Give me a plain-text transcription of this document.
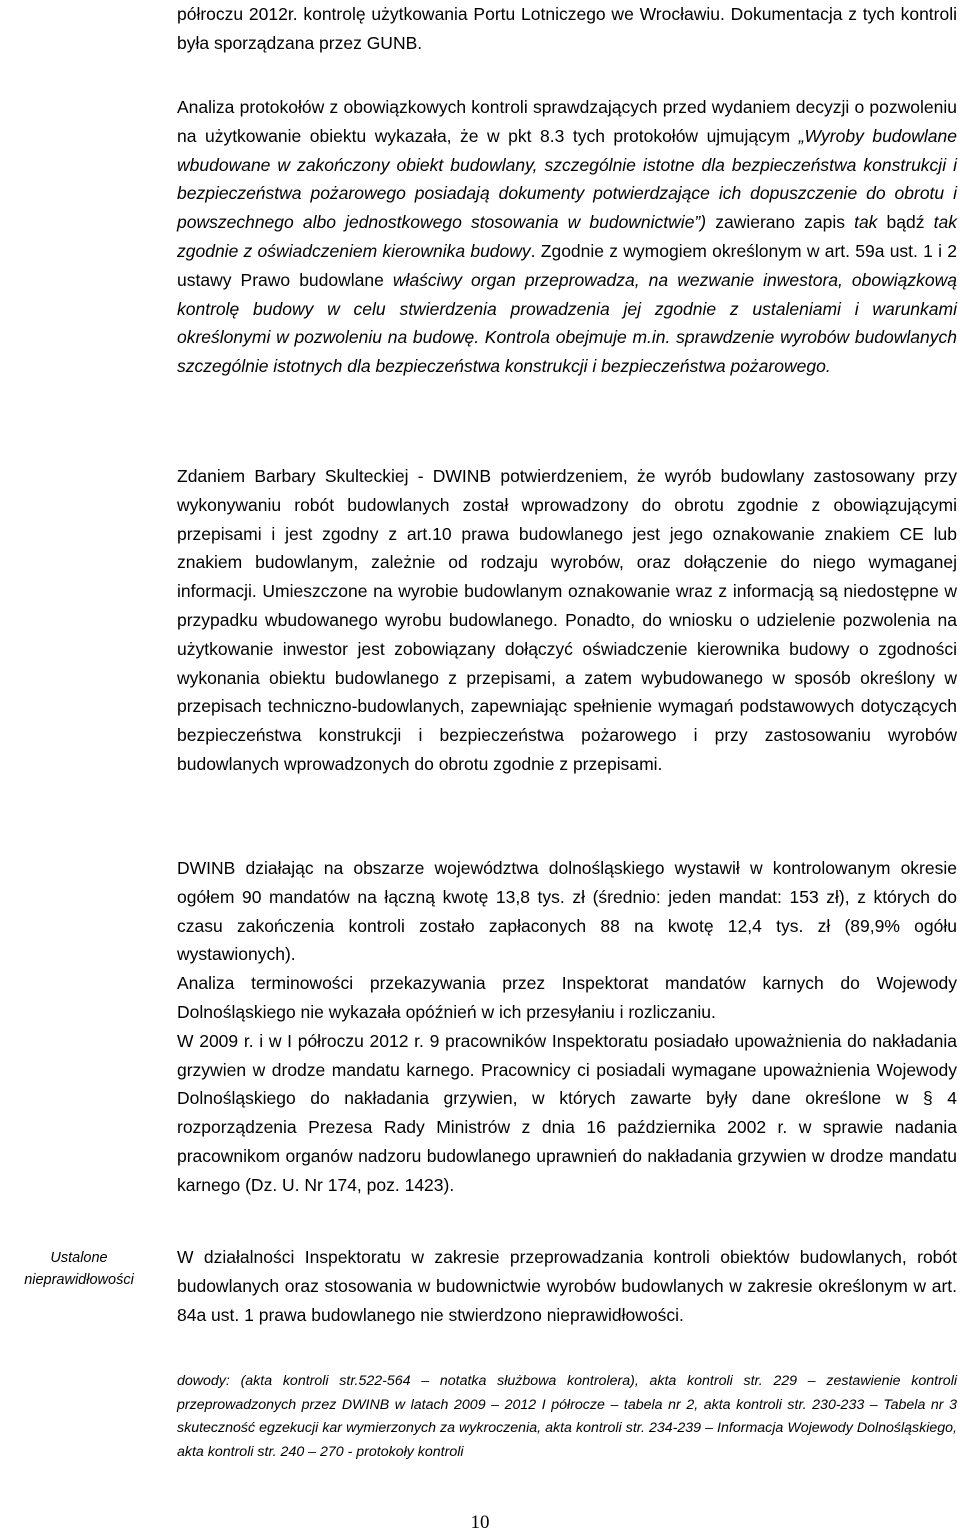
półroczu 2012r. kontrolę użytkowania Portu Lotniczego we Wrocławiu. Dokumentacja z tych kontroli była sporządzana przez GUNB.

Analiza protokołów z obowiązkowych kontroli sprawdzających przed wydaniem decyzji o pozwoleniu na użytkowanie obiektu wykazała, że w pkt 8.3 tych protokołów ujmującym „Wyroby budowlane wbudowane w zakończony obiekt budowlany, szczególnie istotne dla bezpieczeństwa konstrukcji i bezpieczeństwa pożarowego posiadają dokumenty potwierdzające ich dopuszczenie do obrotu i powszechnego albo jednostkowego stosowania w budownictwie”) zawierano zapis tak bądź tak zgodnie z oświadczeniem kierownika budowy. Zgodnie z wymogiem określonym w art. 59a ust. 1 i 2 ustawy Prawo budowlane właściwy organ przeprowadza, na wezwanie inwestora, obowiązkową kontrolę budowy w celu stwierdzenia prowadzenia jej zgodnie z ustaleniami i warunkami określonymi w pozwoleniu na budowę. Kontrola obejmuje m.in. sprawdzenie wyrobów budowlanych szczególnie istotnych dla bezpieczeństwa konstrukcji i bezpieczeństwa pożarowego.

Zdaniem Barbary Skulteckiej - DWINB potwierdzeniem, że wyrób budowlany zastosowany przy wykonywaniu robót budowlanych został wprowadzony do obrotu zgodnie z obowiązującymi przepisami i jest zgodny z art.10 prawa budowlanego jest jego oznakowanie znakiem CE lub znakiem budowlanym, zależnie od rodzaju wyrobów, oraz dołączenie do niego wymaganej informacji. Umieszczone na wyrobie budowlanym oznakowanie wraz z informacją są niedostępne w przypadku wbudowanego wyrobu budowlanego. Ponadto, do wniosku o udzielenie pozwolenia na użytkowanie inwestor jest zobowiązany dołączyć oświadczenie kierownika budowy o zgodności wykonania obiektu budowlanego z przepisami, a zatem wybudowanego w sposób określony w przepisach techniczno-budowlanych, zapewniając spełnienie wymagań podstawowych dotyczących bezpieczeństwa konstrukcji i bezpieczeństwa pożarowego i przy zastosowaniu wyrobów budowlanych wprowadzonych do obrotu zgodnie z przepisami.

DWINB działając na obszarze województwa dolnośląskiego wystawił w kontrolowanym okresie ogółem 90 mandatów na łączną kwotę 13,8 tys. zł (średnio: jeden mandat: 153 zł), z których do czasu zakończenia kontroli zostało zapłaconych 88 na kwotę 12,4 tys. zł (89,9% ogółu wystawionych).

Analiza terminowości przekazywania przez Inspektorat mandatów karnych do Wojewody Dolnośląskiego nie wykazała opóźnień w ich przesyłaniu i rozliczaniu.

W 2009 r. i w I półroczu 2012 r. 9 pracowników Inspektoratu posiadało upoważnienia do nakładania grzywien w drodze mandatu karnego. Pracownicy ci posiadali wymagane upoważnienia Wojewody Dolnośląskiego do nakładania grzywien, w których zawarte były dane określone w § 4 rozporządzenia Prezesa Rady Ministrów z dnia 16 października 2002 r. w sprawie nadania pracownikom organów nadzoru budowlanego uprawnień do nakładania grzywien w drodze mandatu karnego (Dz. U. Nr 174, poz. 1423).

Ustalone nieprawidłowości

W działalności Inspektoratu w zakresie przeprowadzania kontroli obiektów budowlanych, robót budowlanych oraz stosowania w budownictwie wyrobów budowlanych w zakresie określonym w art. 84a ust. 1 prawa budowlanego nie stwierdzono nieprawidłowości.

dowody: (akta kontroli str.522-564 – notatka służbowa kontrolera), akta kontroli str. 229 – zestawienie kontroli przeprowadzonych przez DWINB w latach 2009 – 2012 I półrocze – tabela nr 2, akta kontroli str. 230-233 – Tabela nr 3 skuteczność egzekucji kar wymierzonych za wykroczenia, akta kontroli str. 234-239 – Informacja Wojewody Dolnośląskiego, akta kontroli str. 240 – 270 - protokoły kontroli

10
